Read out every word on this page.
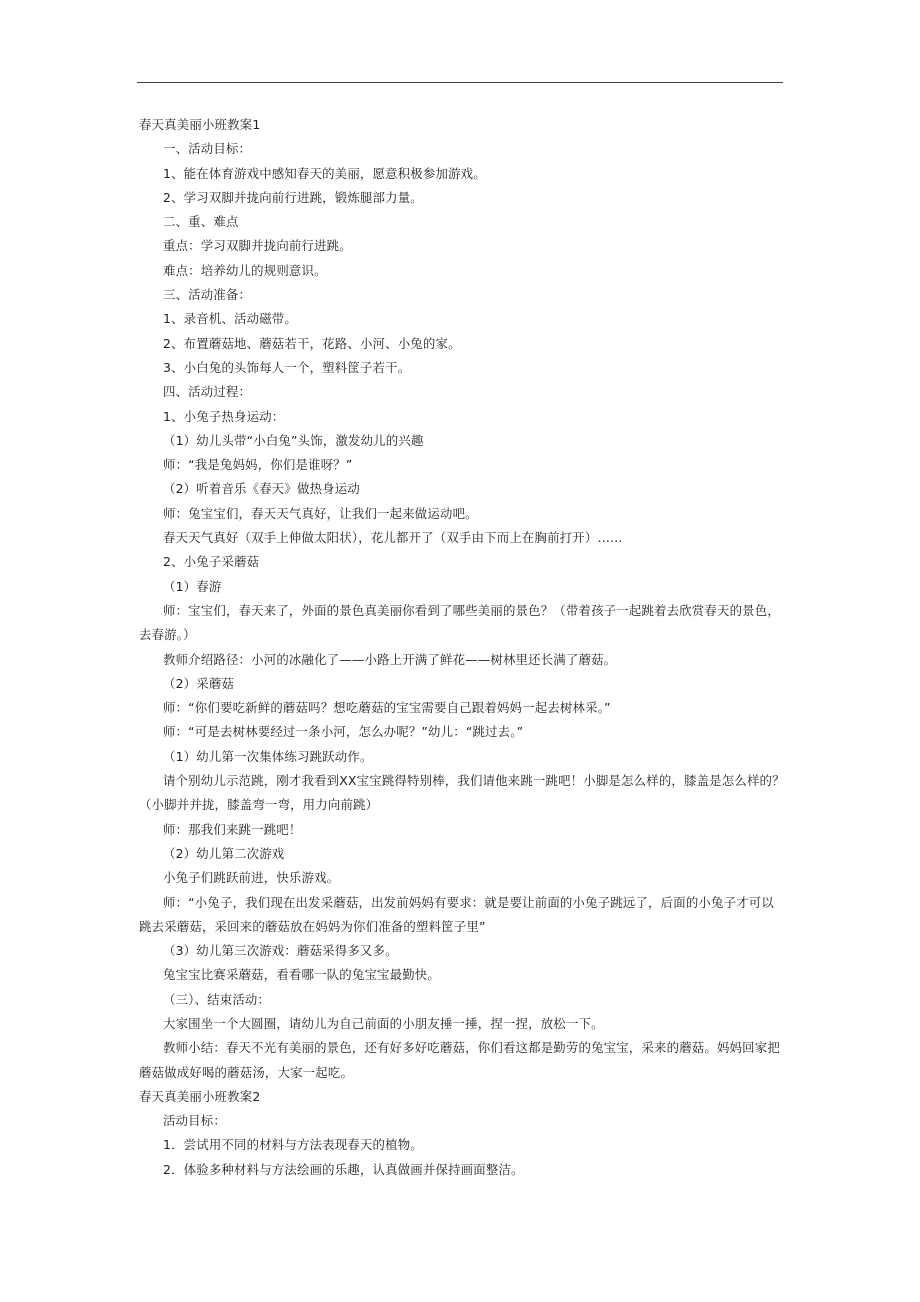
春天真美丽小班教案1

一、活动目标：

1、能在体育游戏中感知春天的美丽，愿意积极参加游戏。

2、学习双脚并拢向前行进跳，锻炼腿部力量。

二、重、难点

重点：学习双脚并拢向前行进跳。

难点：培养幼儿的规则意识。

三、活动准备：

1、录音机、活动磁带。

2、布置蘑菇地、蘑菇若干，花路、小河、小兔的家。

3、小白兔的头饰每人一个，塑料筐子若干。

四、活动过程：

1、小兔子热身运动：

（1）幼儿头带“小白兔”头饰，激发幼儿的兴趣

师：“我是兔妈妈，你们是谁呀？”

（2）听着音乐《春天》做热身运动

师：兔宝宝们，春天天气真好，让我们一起来做运动吧。

春天天气真好（双手上伸做太阳状），花儿都开了（双手由下而上在胸前打开）……

2、小兔子采蘑菇

（1）春游

师：宝宝们，春天来了，外面的景色真美丽你看到了哪些美丽的景色？（带着孩子一起跳着去欣赏春天的景色，去春游。）

教师介绍路径：小河的冰融化了——小路上开满了鲜花——树林里还长满了蘑菇。

（2）采蘑菇

师：“你们要吃新鲜的蘑菇吗？想吃蘑菇的宝宝需要自己跟着妈妈一起去树林采。”

师：“可是去树林要经过一条小河，怎么办呢？”幼儿：“跳过去。”

（1）幼儿第一次集体练习跳跃动作。

请个别幼儿示范跳，刚才我看到XX宝宝跳得特别棒，我们请他来跳一跳吧！小脚是怎么样的，膝盖是怎么样的？（小脚并并拢，膝盖弯一弯，用力向前跳）

师：那我们来跳一跳吧！

（2）幼儿第二次游戏

小兔子们跳跃前进，快乐游戏。

师：“小兔子，我们现在出发采蘑菇，出发前妈妈有要求：就是要让前面的小兔子跳远了，后面的小兔子才可以跳去采蘑菇，采回来的蘑菇放在妈妈为你们准备的塑料筐子里”

（3）幼儿第三次游戏：蘑菇采得多又多。

兔宝宝比赛采蘑菇，看看哪一队的兔宝宝最勤快。

（三）、结束活动：

大家围坐一个大圆圈，请幼儿为自己前面的小朋友捶一捶，捏一捏，放松一下。

教师小结：春天不光有美丽的景色，还有好多好吃蘑菇，你们看这都是勤劳的兔宝宝，采来的蘑菇。妈妈回家把蘑菇做成好喝的蘑菇汤，大家一起吃。

春天真美丽小班教案2

活动目标：

1．尝试用不同的材料与方法表现春天的植物。

2．体验多种材料与方法绘画的乐趣，认真做画并保持画面整洁。
